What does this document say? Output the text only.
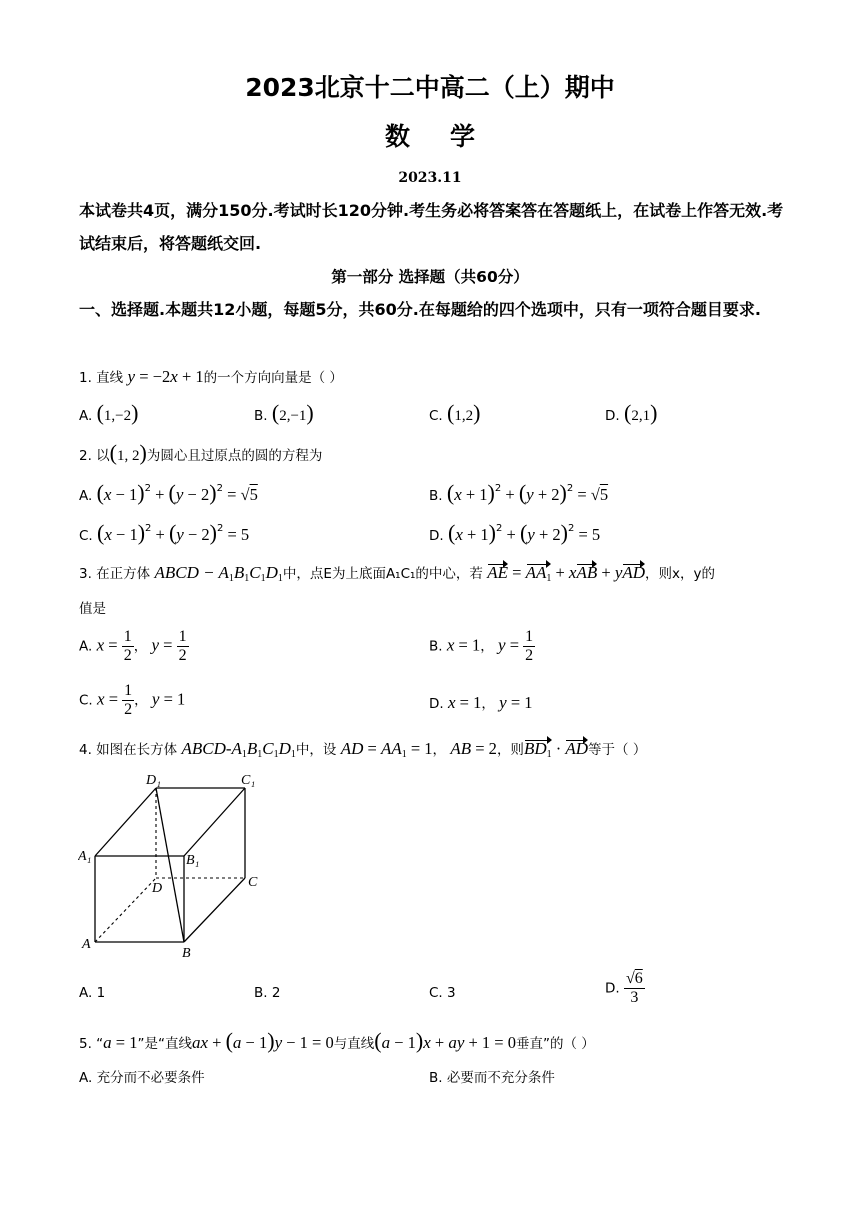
2023北京十二中高二（上）期中
数学
2023.11
本试卷共4页，满分150分.考试时长120分钟.考生务必将答案答在答题纸上，在试卷上作答无效.考试结束后，将答题纸交回.
第一部分 选择题（共60分）
一、选择题.本题共12小题，每题5分，共60分.在每题给的四个选项中，只有一项符合题目要求.
1. 直线 y = −2x + 1的一个方向向量是（ ）
A. (1,−2)	B. (2,−1)	C. (1,2)	D. (2,1)
2. 以(1, 2)为圆心且过原点的圆的方程为
A. $(x - 1)^2 + (y - 2)^2 = √5$	B. $(x + 1)^2 + (y + 2)^2 = √5$
C. $(x - 1)^2 + (y - 2)^2 = 5$	D. $(x + 1)^2 + (y + 2)^2 = 5$
3. 在正方体 ABCD − $A_1B_1C_1D_1$中，点E为上底面A₁C₁的中心，若 AE = $AA_1$ + xAB + yAD，则x，y的
值是
A. $x = \frac{1}{2}$ ， $y = \frac{1}{2}$	B. x = 1， $y = \frac{1}{2}$
C. $x = \frac{1}{2}$ ， y = 1	D. x = 1， y = 1
4. 如图在长方体 ABCD-$A_1B_1C_1D_1$中，设 AD = $AA_1 = 1$， AB = 2，则$BD_1$ · AD等于（ ）
D₁	C₁
A₁	B₁
D	C
A
B
A. 1	B. 2	C. 3	D. $\frac{√6}{3}$
5. “a = 1”是“直线ax + (a − 1)y − 1 = 0与直线(a − 1)x + ay + 1 = 0垂直”的（ ）
A. 充分而不必要条件	B. 必要而不充分条件
